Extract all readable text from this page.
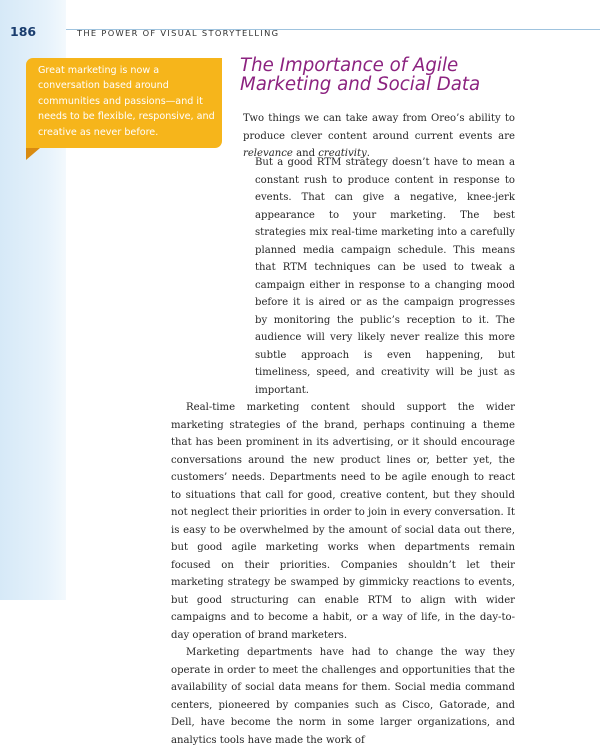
186	THE POWER OF VISUAL STORYTELLING

Great marketing is now a conversation based around communities and passions—and it needs to be flexible, responsive, and creative as never before.

The Importance of Agile
Marketing and Social Data

Two things we can take away from Oreo’s ability to produce clever content around current events are relevance and creativity.

But a good RTM strategy doesn’t have to mean a constant rush to produce content in response to events. That can give a negative, knee-jerk appearance to your marketing. The best strategies mix real-time marketing into a carefully planned media campaign schedule. This means that RTM techniques can be used to tweak a campaign either in response to a changing mood before it is aired or as the campaign progresses by monitoring the public’s reception to it. The audience will very likely never realize this more subtle approach is even happening, but timeliness, speed, and creativity will be just as important.

Real-time marketing content should support the wider marketing strategies of the brand, perhaps continuing a theme that has been prominent in its advertising, or it should encourage conversations around the new product lines or, better yet, the customers’ needs. Departments need to be agile enough to react to situations that call for good, creative content, but they should not neglect their priorities in order to join in every conversation. It is easy to be overwhelmed by the amount of social data out there, but good agile marketing works when departments remain focused on their priorities. Companies shouldn’t let their marketing strategy be swamped by gimmicky reactions to events, but good structuring can enable RTM to align with wider campaigns and to become a habit, or a way of life, in the day-to-day operation of brand marketers.

Marketing departments have had to change the way they operate in order to meet the challenges and opportunities that the availability of social data means for them. Social media command centers, pioneered by companies such as Cisco, Gatorade, and Dell, have become the norm in some larger organizations, and analytics tools have made the work of
